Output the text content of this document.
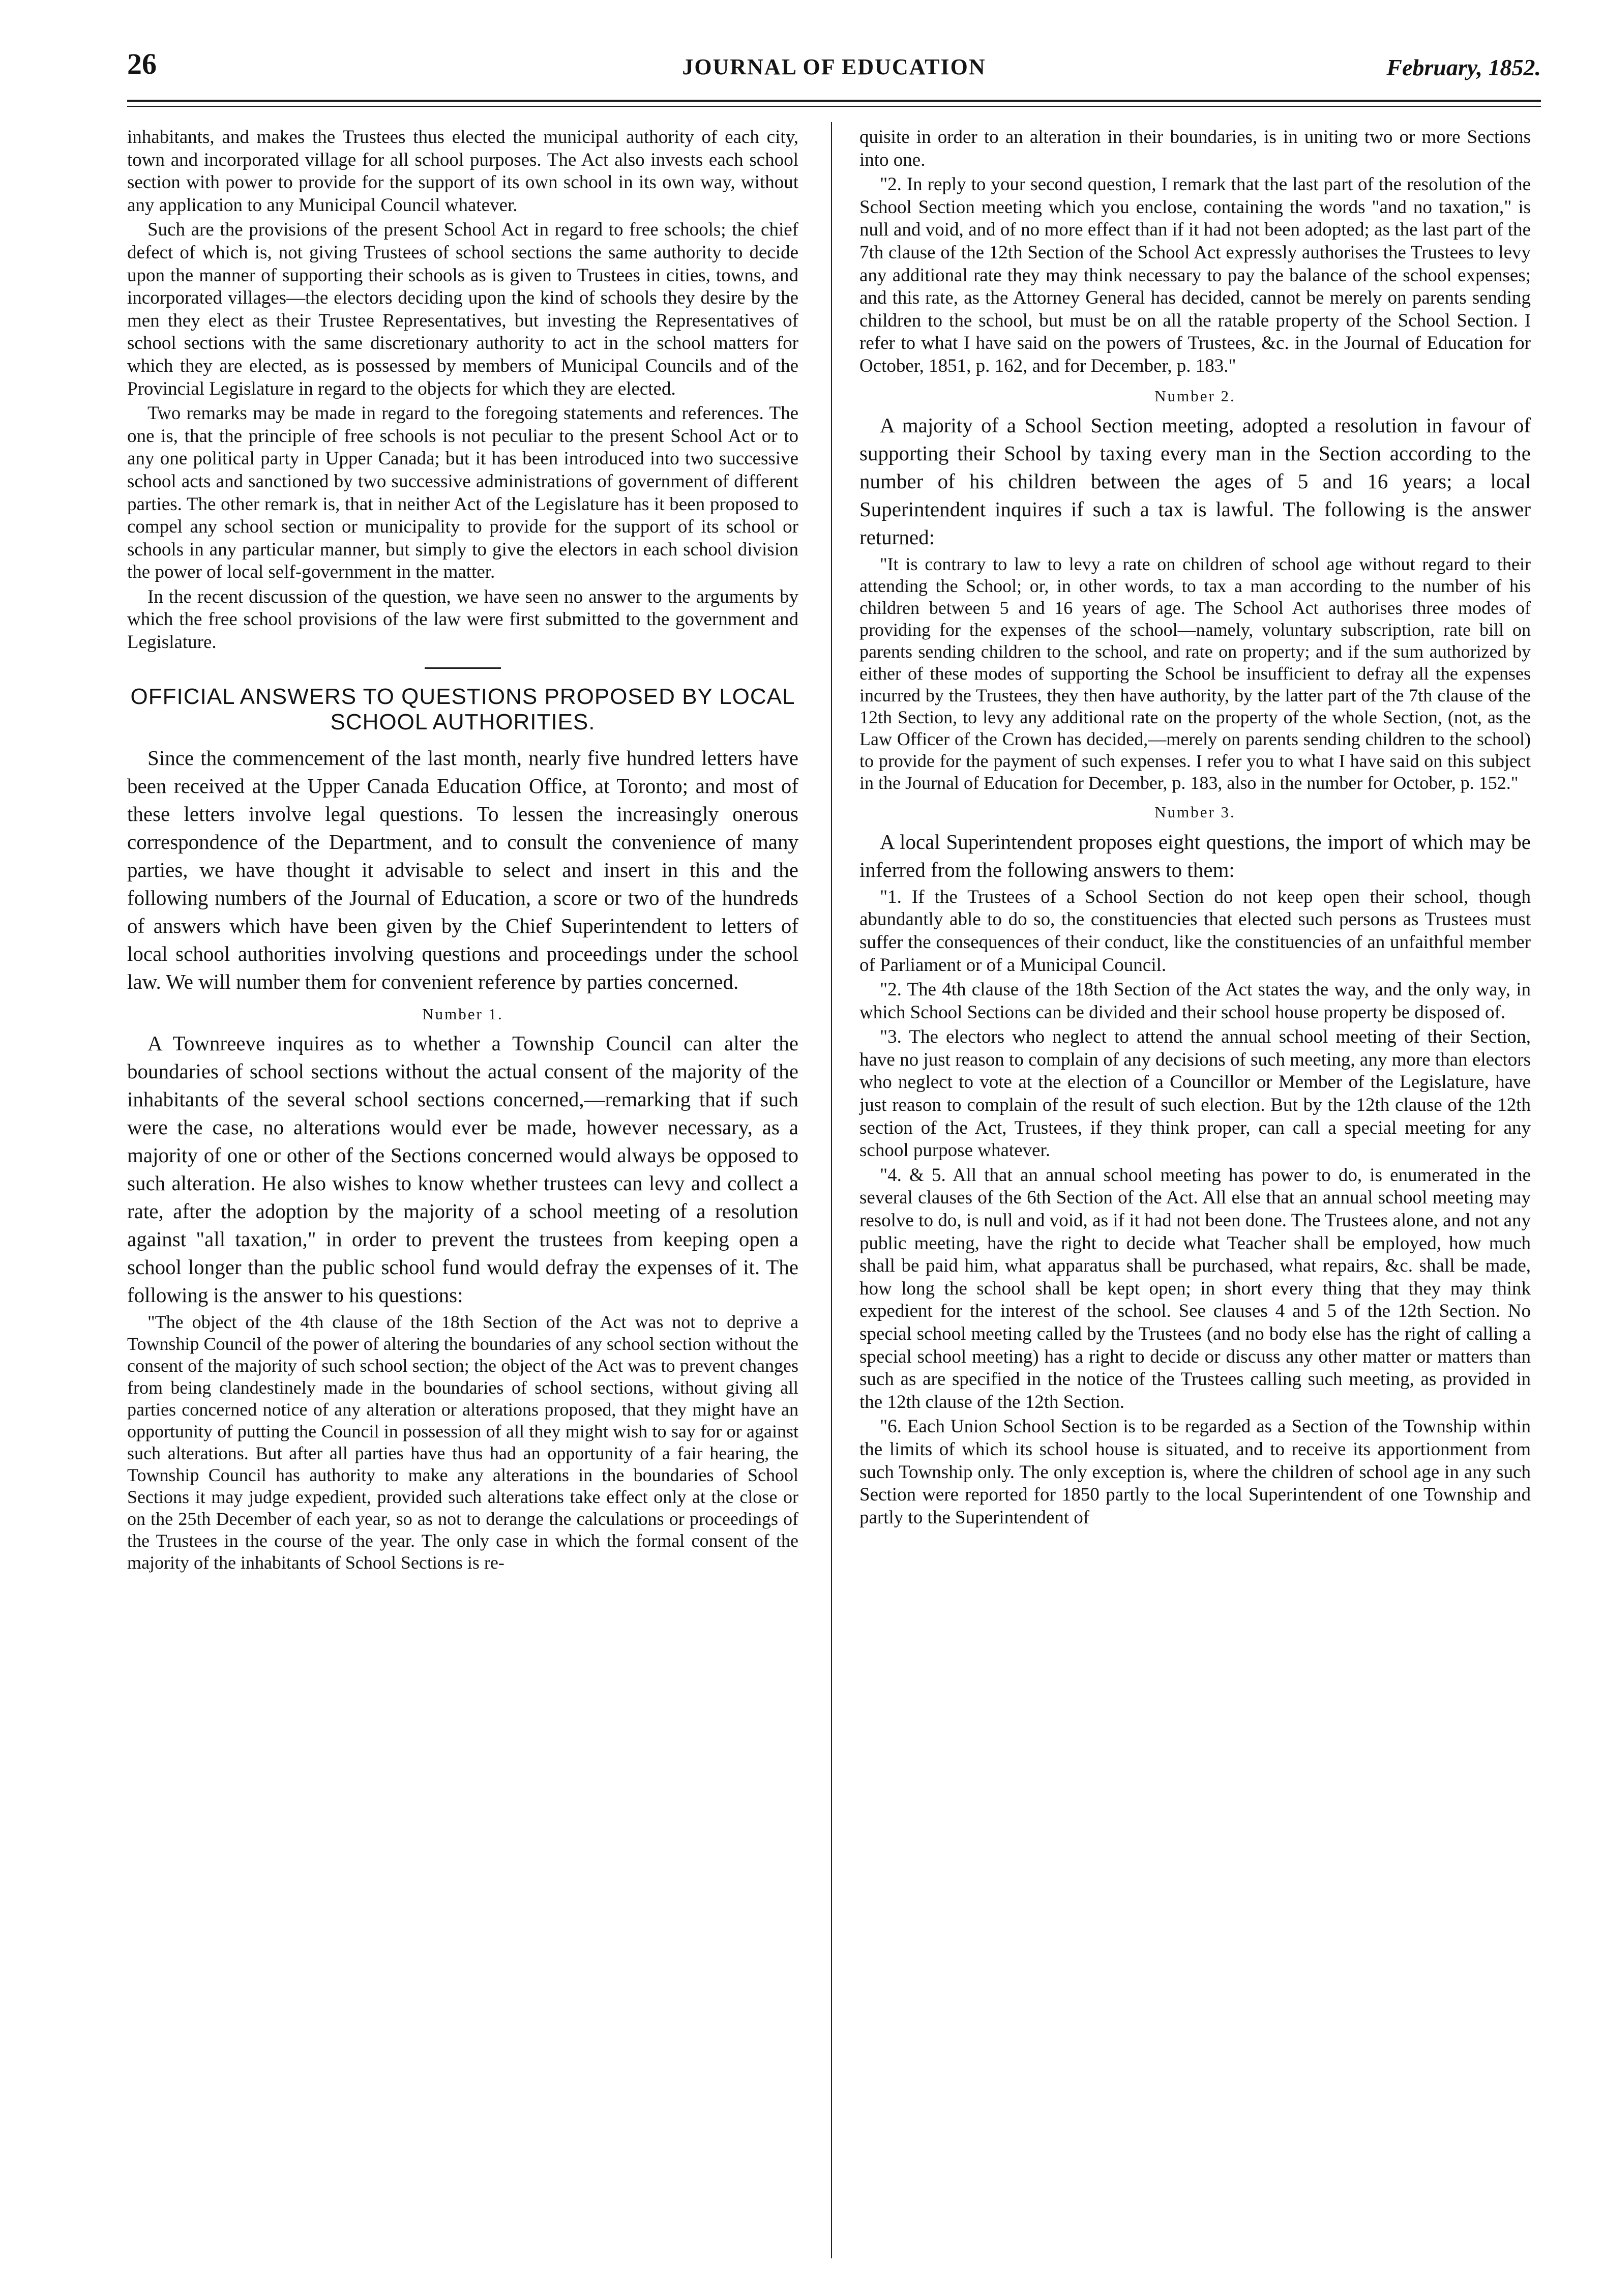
26	JOURNAL OF EDUCATION	February, 1852.

inhabitants, and makes the Trustees thus elected the municipal authority of each city, town and incorporated village for all school purposes. The Act also invests each school section with power to provide for the support of its own school in its own way, without any application to any Municipal Council whatever.

Such are the provisions of the present School Act in regard to free schools; the chief defect of which is, not giving Trustees of school sections the same authority to decide upon the manner of supporting their schools as is given to Trustees in cities, towns, and incorporated villages—the electors deciding upon the kind of schools they desire by the men they elect as their Trustee Representatives, but investing the Representatives of school sections with the same discretionary authority to act in the school matters for which they are elected, as is possessed by members of Municipal Councils and of the Provincial Legislature in regard to the objects for which they are elected.

Two remarks may be made in regard to the foregoing statements and references. The one is, that the principle of free schools is not peculiar to the present School Act or to any one political party in Upper Canada; but it has been introduced into two successive school acts and sanctioned by two successive administrations of government of different parties. The other remark is, that in neither Act of the Legislature has it been proposed to compel any school section or municipality to provide for the support of its school or schools in any particular manner, but simply to give the electors in each school division the power of local self-government in the matter.

In the recent discussion of the question, we have seen no answer to the arguments by which the free school provisions of the law were first submitted to the government and Legislature.

OFFICIAL ANSWERS TO QUESTIONS PROPOSED BY LOCAL SCHOOL AUTHORITIES.

Since the commencement of the last month, nearly five hundred letters have been received at the Upper Canada Education Office, at Toronto; and most of these letters involve legal questions. To lessen the increasingly onerous correspondence of the Department, and to consult the convenience of many parties, we have thought it advisable to select and insert in this and the following numbers of the Journal of Education, a score or two of the hundreds of answers which have been given by the Chief Superintendent to letters of local school authorities involving questions and proceedings under the school law. We will number them for convenient reference by parties concerned.

Number 1.

A Townreeve inquires as to whether a Township Council can alter the boundaries of school sections without the actual consent of the majority of the inhabitants of the several school sections concerned,—remarking that if such were the case, no alterations would ever be made, however necessary, as a majority of one or other of the Sections concerned would always be opposed to such alteration. He also wishes to know whether trustees can levy and collect a rate, after the adoption by the majority of a school meeting of a resolution against "all taxation," in order to prevent the trustees from keeping open a school longer than the public school fund would defray the expenses of it. The following is the answer to his questions:

"The object of the 4th clause of the 18th Section of the Act was not to deprive a Township Council of the power of altering the boundaries of any school section without the consent of the majority of such school section; the object of the Act was to prevent changes from being clandestinely made in the boundaries of school sections, without giving all parties concerned notice of any alteration or alterations proposed, that they might have an opportunity of putting the Council in possession of all they might wish to say for or against such alterations. But after all parties have thus had an opportunity of a fair hearing, the Township Council has authority to make any alterations in the boundaries of School Sections it may judge expedient, provided such alterations take effect only at the close or on the 25th December of each year, so as not to derange the calculations or proceedings of the Trustees in the course of the year. The only case in which the formal consent of the majority of the inhabitants of School Sections is re-

quisite in order to an alteration in their boundaries, is in uniting two or more Sections into one.

"2. In reply to your second question, I remark that the last part of the resolution of the School Section meeting which you enclose, containing the words "and no taxation," is null and void, and of no more effect than if it had not been adopted; as the last part of the 7th clause of the 12th Section of the School Act expressly authorises the Trustees to levy any additional rate they may think necessary to pay the balance of the school expenses; and this rate, as the Attorney General has decided, cannot be merely on parents sending children to the school, but must be on all the ratable property of the School Section. I refer to what I have said on the powers of Trustees, &c. in the Journal of Education for October, 1851, p. 162, and for December, p. 183."

Number 2.

A majority of a School Section meeting, adopted a resolution in favour of supporting their School by taxing every man in the Section according to the number of his children between the ages of 5 and 16 years; a local Superintendent inquires if such a tax is lawful. The following is the answer returned:

"It is contrary to law to levy a rate on children of school age without regard to their attending the School; or, in other words, to tax a man according to the number of his children between 5 and 16 years of age. The School Act authorises three modes of providing for the expenses of the school—namely, voluntary subscription, rate bill on parents sending children to the school, and rate on property; and if the sum authorized by either of these modes of supporting the School be insufficient to defray all the expenses incurred by the Trustees, they then have authority, by the latter part of the 7th clause of the 12th Section, to levy any additional rate on the property of the whole Section, (not, as the Law Officer of the Crown has decided,—merely on parents sending children to the school) to provide for the payment of such expenses. I refer you to what I have said on this subject in the Journal of Education for December, p. 183, also in the number for October, p. 152."

Number 3.

A local Superintendent proposes eight questions, the import of which may be inferred from the following answers to them:

"1. If the Trustees of a School Section do not keep open their school, though abundantly able to do so, the constituencies that elected such persons as Trustees must suffer the consequences of their conduct, like the constituencies of an unfaithful member of Parliament or of a Municipal Council.

"2. The 4th clause of the 18th Section of the Act states the way, and the only way, in which School Sections can be divided and their school house property be disposed of.

"3. The electors who neglect to attend the annual school meeting of their Section, have no just reason to complain of any decisions of such meeting, any more than electors who neglect to vote at the election of a Councillor or Member of the Legislature, have just reason to complain of the result of such election. But by the 12th clause of the 12th section of the Act, Trustees, if they think proper, can call a special meeting for any school purpose whatever.

"4. & 5. All that an annual school meeting has power to do, is enumerated in the several clauses of the 6th Section of the Act. All else that an annual school meeting may resolve to do, is null and void, as if it had not been done. The Trustees alone, and not any public meeting, have the right to decide what Teacher shall be employed, how much shall be paid him, what apparatus shall be purchased, what repairs, &c. shall be made, how long the school shall be kept open; in short every thing that they may think expedient for the interest of the school. See clauses 4 and 5 of the 12th Section. No special school meeting called by the Trustees (and no body else has the right of calling a special school meeting) has a right to decide or discuss any other matter or matters than such as are specified in the notice of the Trustees calling such meeting, as provided in the 12th clause of the 12th Section.

"6. Each Union School Section is to be regarded as a Section of the Township within the limits of which its school house is situated, and to receive its apportionment from such Township only. The only exception is, where the children of school age in any such Section were reported for 1850 partly to the local Superintendent of one Township and partly to the Superintendent of
